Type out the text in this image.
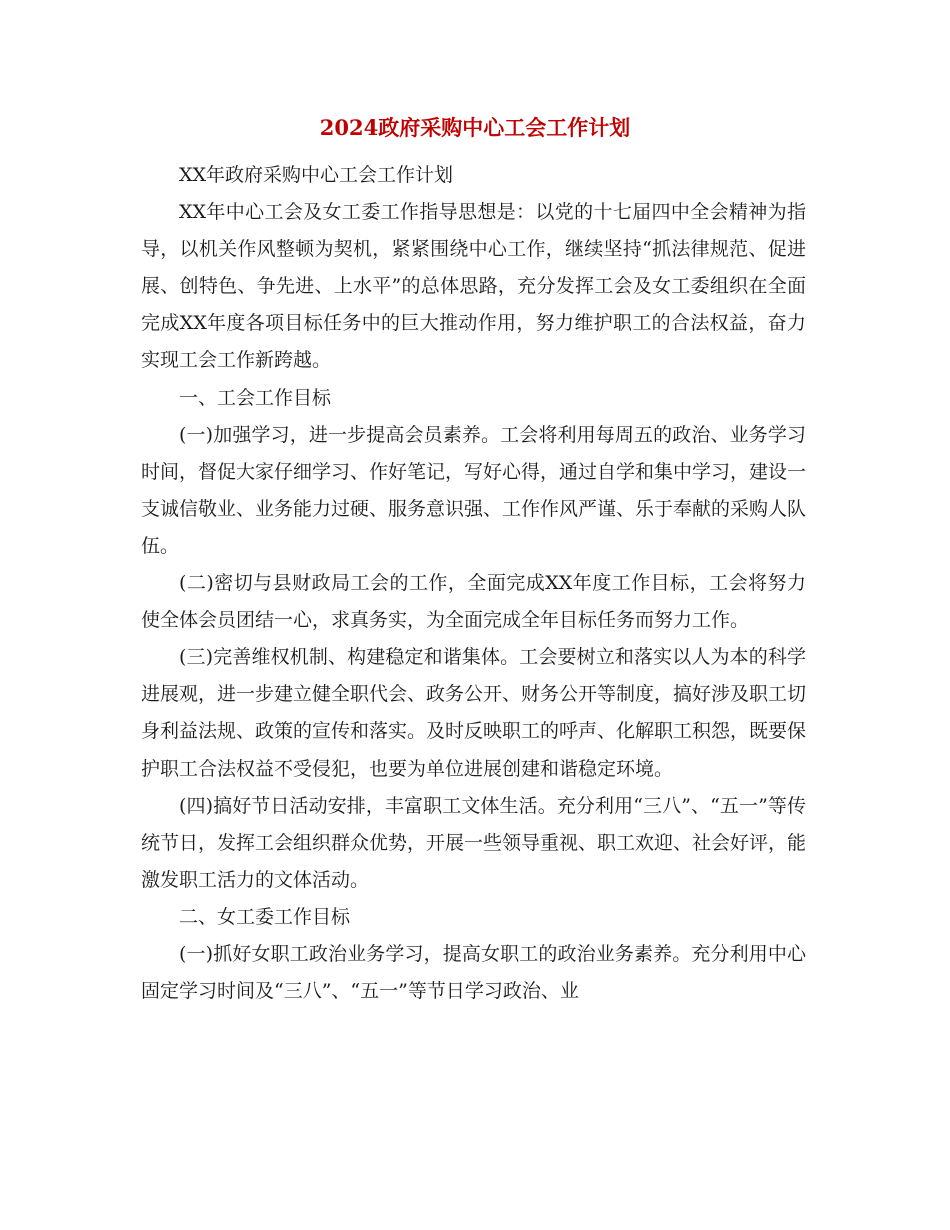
2024政府采购中心工会工作计划

XX年政府采购中心工会工作计划

XX年中心工会及女工委工作指导思想是：以党的十七届四中全会精神为指导，以机关作风整顿为契机，紧紧围绕中心工作，继续坚持“抓法律规范、促进展、创特色、争先进、上水平”的总体思路，充分发挥工会及女工委组织在全面完成XX年度各项目标任务中的巨大推动作用，努力维护职工的合法权益，奋力实现工会工作新跨越。

一、工会工作目标

(一)加强学习，进一步提高会员素养。工会将利用每周五的政治、业务学习时间，督促大家仔细学习、作好笔记，写好心得，通过自学和集中学习，建设一支诚信敬业、业务能力过硬、服务意识强、工作作风严谨、乐于奉献的采购人队伍。

(二)密切与县财政局工会的工作，全面完成XX年度工作目标，工会将努力使全体会员团结一心，求真务实，为全面完成全年目标任务而努力工作。

(三)完善维权机制、构建稳定和谐集体。工会要树立和落实以人为本的科学进展观，进一步建立健全职代会、政务公开、财务公开等制度，搞好涉及职工切身利益法规、政策的宣传和落实。及时反映职工的呼声、化解职工积怨，既要保护职工合法权益不受侵犯，也要为单位进展创建和谐稳定环境。

(四)搞好节日活动安排，丰富职工文体生活。充分利用“三八”、“五一”等传统节日，发挥工会组织群众优势，开展一些领导重视、职工欢迎、社会好评，能激发职工活力的文体活动。

二、女工委工作目标

(一)抓好女职工政治业务学习，提高女职工的政治业务素养。充分利用中心固定学习时间及“三八”、“五一”等节日学习政治、业
